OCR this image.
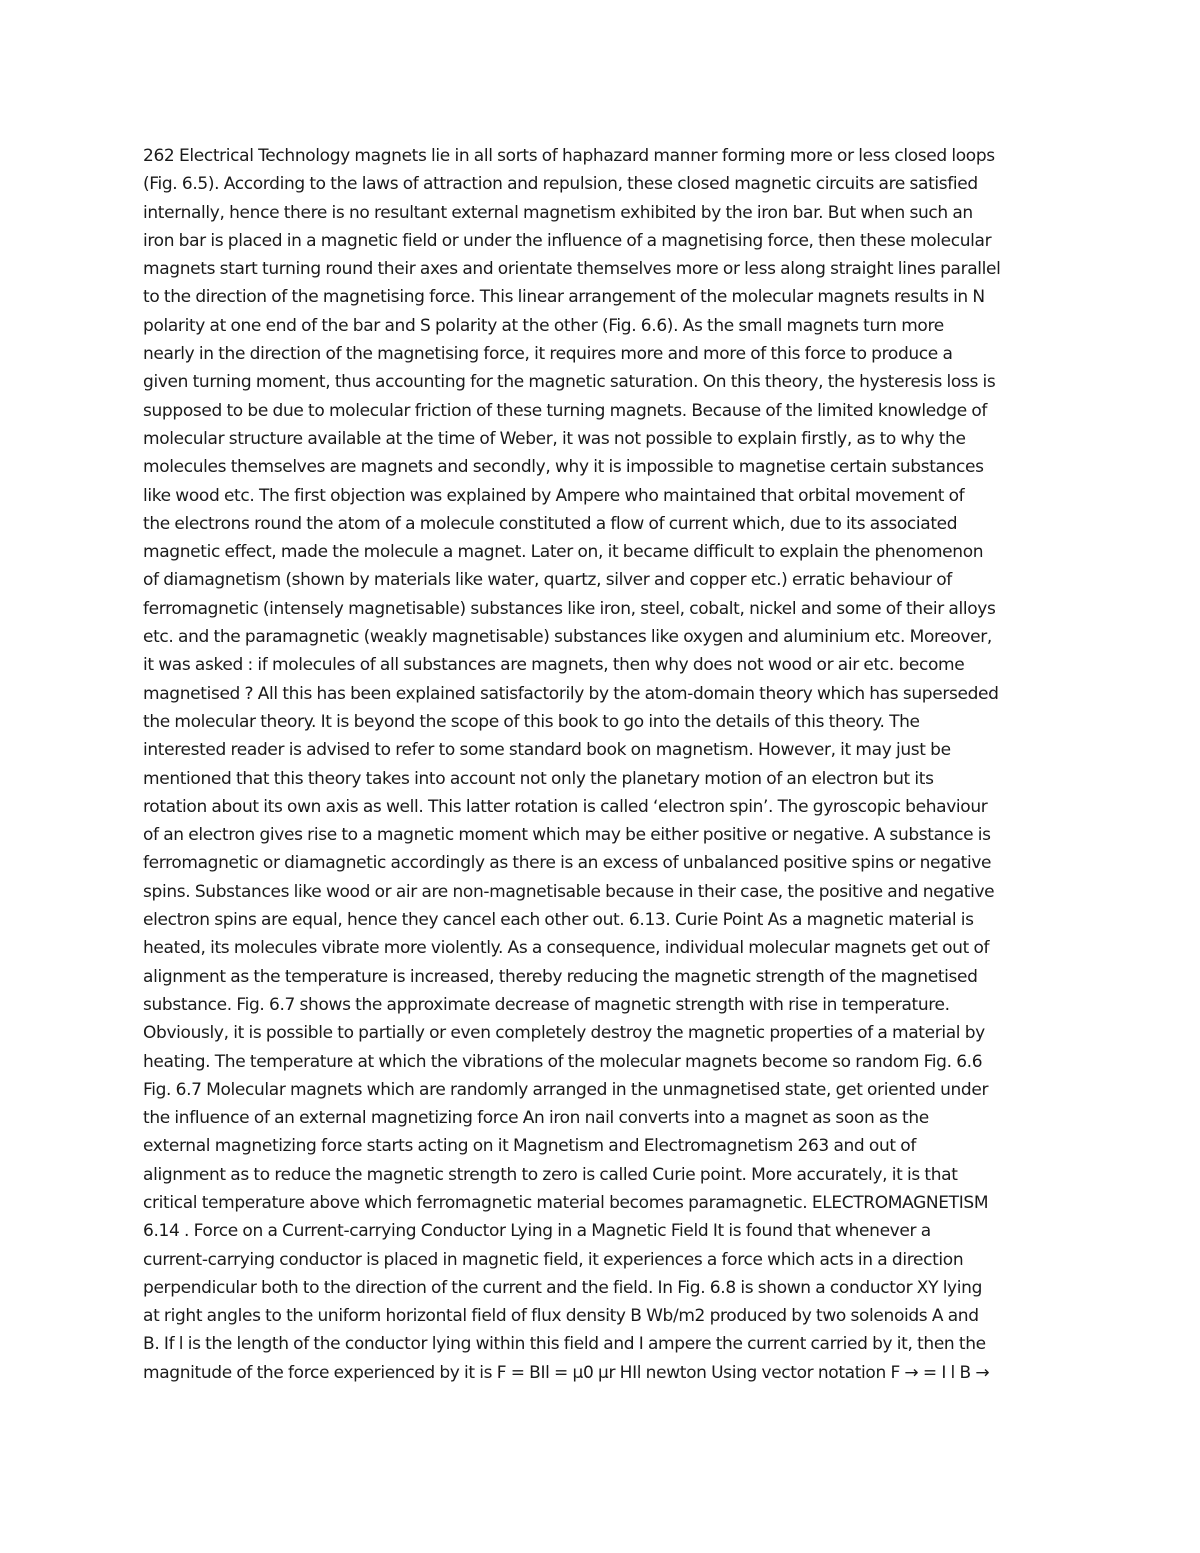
262 Electrical Technology magnets lie in all sorts of haphazard manner forming more or less closed loops
(Fig. 6.5). According to the laws of attraction and repulsion, these closed magnetic circuits are satisfied
internally, hence there is no resultant external magnetism exhibited by the iron bar. But when such an
iron bar is placed in a magnetic field or under the influence of a magnetising force, then these molecular
magnets start turning round their axes and orientate themselves more or less along straight lines parallel
to the direction of the magnetising force. This linear arrangement of the molecular magnets results in N
polarity at one end of the bar and S polarity at the other (Fig. 6.6). As the small magnets turn more
nearly in the direction of the magnetising force, it requires more and more of this force to produce a
given turning moment, thus accounting for the magnetic saturation. On this theory, the hysteresis loss is
supposed to be due to molecular friction of these turning magnets. Because of the limited knowledge of
molecular structure available at the time of Weber, it was not possible to explain firstly, as to why the
molecules themselves are magnets and secondly, why it is impossible to magnetise certain substances
like wood etc. The first objection was explained by Ampere who maintained that orbital movement of
the electrons round the atom of a molecule constituted a flow of current which, due to its associated
magnetic effect, made the molecule a magnet. Later on, it became difficult to explain the phenomenon
of diamagnetism (shown by materials like water, quartz, silver and copper etc.) erratic behaviour of
ferromagnetic (intensely magnetisable) substances like iron, steel, cobalt, nickel and some of their alloys
etc. and the paramagnetic (weakly magnetisable) substances like oxygen and aluminium etc. Moreover,
it was asked : if molecules of all substances are magnets, then why does not wood or air etc. become
magnetised ? All this has been explained satisfactorily by the atom-domain theory which has superseded
the molecular theory. It is beyond the scope of this book to go into the details of this theory. The
interested reader is advised to refer to some standard book on magnetism. However, it may just be
mentioned that this theory takes into account not only the planetary motion of an electron but its
rotation about its own axis as well. This latter rotation is called ‘electron spin’. The gyroscopic behaviour
of an electron gives rise to a magnetic moment which may be either positive or negative. A substance is
ferromagnetic or diamagnetic accordingly as there is an excess of unbalanced positive spins or negative
spins. Substances like wood or air are non-magnetisable because in their case, the positive and negative
electron spins are equal, hence they cancel each other out. 6.13. Curie Point As a magnetic material is
heated, its molecules vibrate more violently. As a consequence, individual molecular magnets get out of
alignment as the temperature is increased, thereby reducing the magnetic strength of the magnetised
substance. Fig. 6.7 shows the approximate decrease of magnetic strength with rise in temperature.
Obviously, it is possible to partially or even completely destroy the magnetic properties of a material by
heating. The temperature at which the vibrations of the molecular magnets become so random Fig. 6.6
Fig. 6.7 Molecular magnets which are randomly arranged in the unmagnetised state, get oriented under
the influence of an external magnetizing force An iron nail converts into a magnet as soon as the
external magnetizing force starts acting on it Magnetism and Electromagnetism 263 and out of
alignment as to reduce the magnetic strength to zero is called Curie point. More accurately, it is that
critical temperature above which ferromagnetic material becomes paramagnetic. ELECTROMAGNETISM
6.14 . Force on a Current-carrying Conductor Lying in a Magnetic Field It is found that whenever a
current-carrying conductor is placed in magnetic field, it experiences a force which acts in a direction
perpendicular both to the direction of the current and the field. In Fig. 6.8 is shown a conductor XY lying
at right angles to the uniform horizontal field of flux density B Wb/m2 produced by two solenoids A and
B. If l is the length of the conductor lying within this field and I ampere the current carried by it, then the
magnitude of the force experienced by it is F = BIl = μ0 μr HIl newton Using vector notation F → = I l B →
